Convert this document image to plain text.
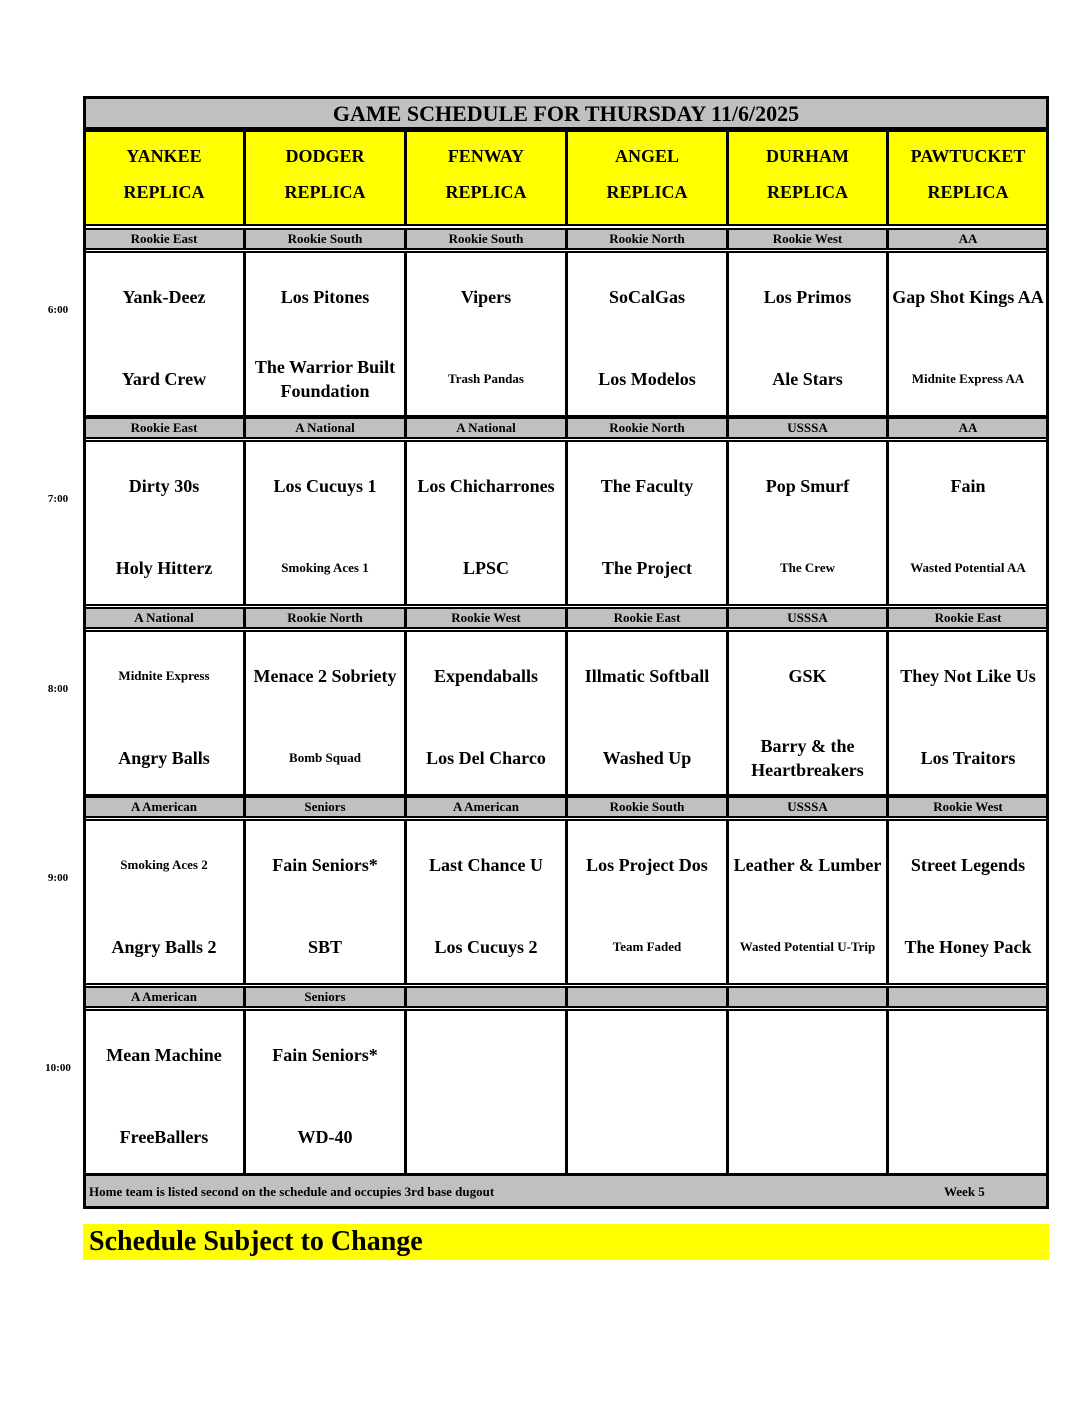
GAME SCHEDULE FOR THURSDAY 11/6/2025
YANKEE
REPLICA
DODGER
REPLICA
FENWAY
REPLICA
ANGEL
REPLICA
DURHAM
REPLICA
PAWTUCKET
REPLICA
6:00
Rookie East
Yank-Deez
Yard Crew
Rookie South
Los Pitones
The Warrior Built Foundation
Rookie South
Vipers
Trash Pandas
Rookie North
SoCalGas
Los Modelos
Rookie West
Los Primos
Ale Stars
AA
Gap Shot Kings AA
Midnite Express AA
7:00
Rookie East
Dirty 30s
Holy Hitterz
A National
Los Cucuys 1
Smoking Aces 1
A National
Los Chicharrones
LPSC
Rookie North
The Faculty
The Project
USSSA
Pop Smurf
The Crew
AA
Fain
Wasted Potential AA
8:00
A National
Midnite Express
Angry Balls
Rookie North
Menace 2 Sobriety
Bomb Squad
Rookie West
Expendaballs
Los Del Charco
Rookie East
Illmatic Softball
Washed Up
USSSA
GSK
Barry & the Heartbreakers
Rookie East
They Not Like Us
Los Traitors
9:00
A American
Smoking Aces 2
Angry Balls 2
Seniors
Fain Seniors*
SBT
A American
Last Chance U
Los Cucuys 2
Rookie South
Los Project Dos
Team Faded
USSSA
Leather & Lumber
Wasted Potential U-Trip
Rookie West
Street Legends
The Honey Pack
10:00
A American
Mean Machine
FreeBallers
Seniors
Fain Seniors*
WD-40
Home team is listed second on the schedule and occupies 3rd base dugout	Week 5
Schedule Subject to Change
